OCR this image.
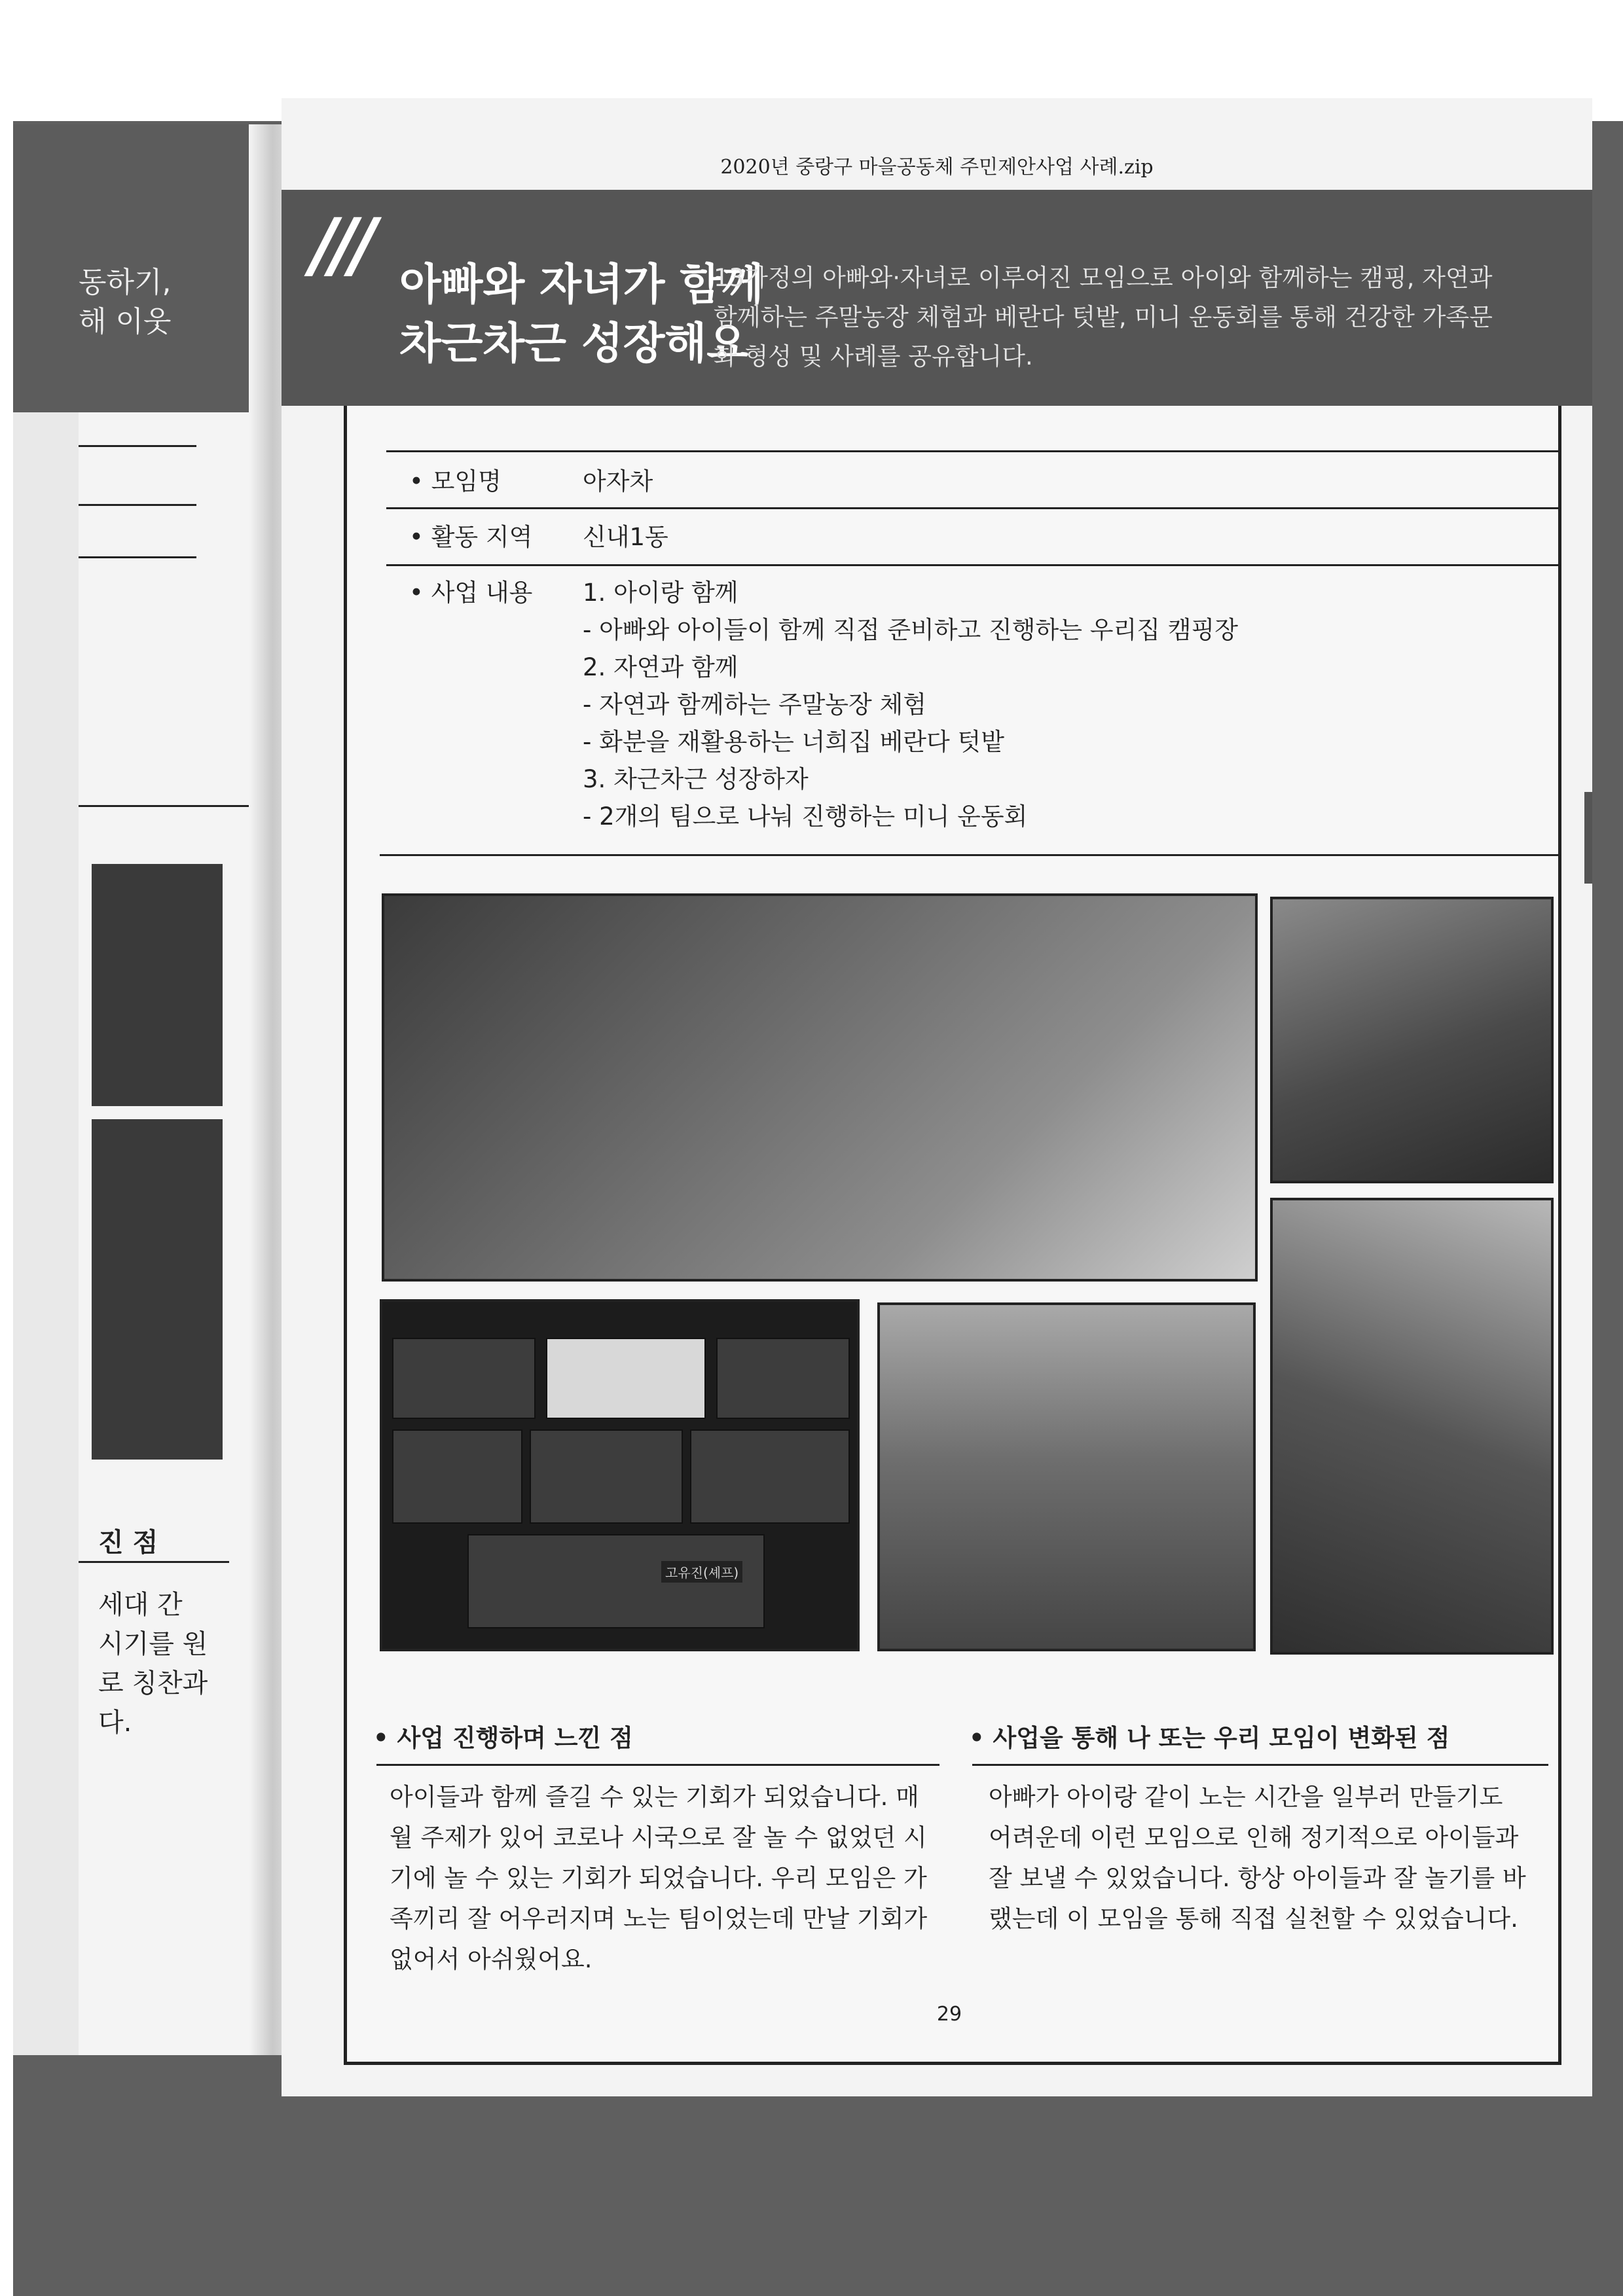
동하기,
해 이웃
진 점
세대 간
시기를 원
로 칭찬과
다.
2020년 중랑구 마을공동체 주민제안사업 사례.zip
/// 아빠와 자녀가 함께
차근차근 성장해요
13가정의 아빠와·자녀로 이루어진 모임으로 아이와 함께하는 캠핑, 자연과 함께하는 주말농장 체험과 베란다 텃밭, 미니 운동회를 통해 건강한 가족문화 형성 및 사례를 공유합니다.
• 모임명	아자차
• 활동 지역 신내1동
• 사업 내용 1. 아이랑 함께
- 아빠와 아이들이 함께 직접 준비하고 진행하는 우리집 캠핑장
2. 자연과 함께
- 자연과 함께하는 주말농장 체험
- 화분을 재활용하는 너희집 베란다 텃밭
3. 차근차근 성장하자
- 2개의 팀으로 나눠 진행하는 미니 운동회
고유진(셰프)
• 사업 진행하며 느낀 점
아이들과 함께 즐길 수 있는 기회가 되었습니다. 매
월 주제가 있어 코로나 시국으로 잘 놀 수 없었던 시
기에 놀 수 있는 기회가 되었습니다. 우리 모임은 가
족끼리 잘 어우러지며 노는 팀이었는데 만날 기회가
없어서 아쉬웠어요.
• 사업을 통해 나 또는 우리 모임이 변화된 점
아빠가 아이랑 같이 노는 시간을 일부러 만들기도
어려운데 이런 모임으로 인해 정기적으로 아이들과
잘 보낼 수 있었습니다. 항상 아이들과 잘 놀기를 바
랬는데 이 모임을 통해 직접 실천할 수 있었습니다.
29
